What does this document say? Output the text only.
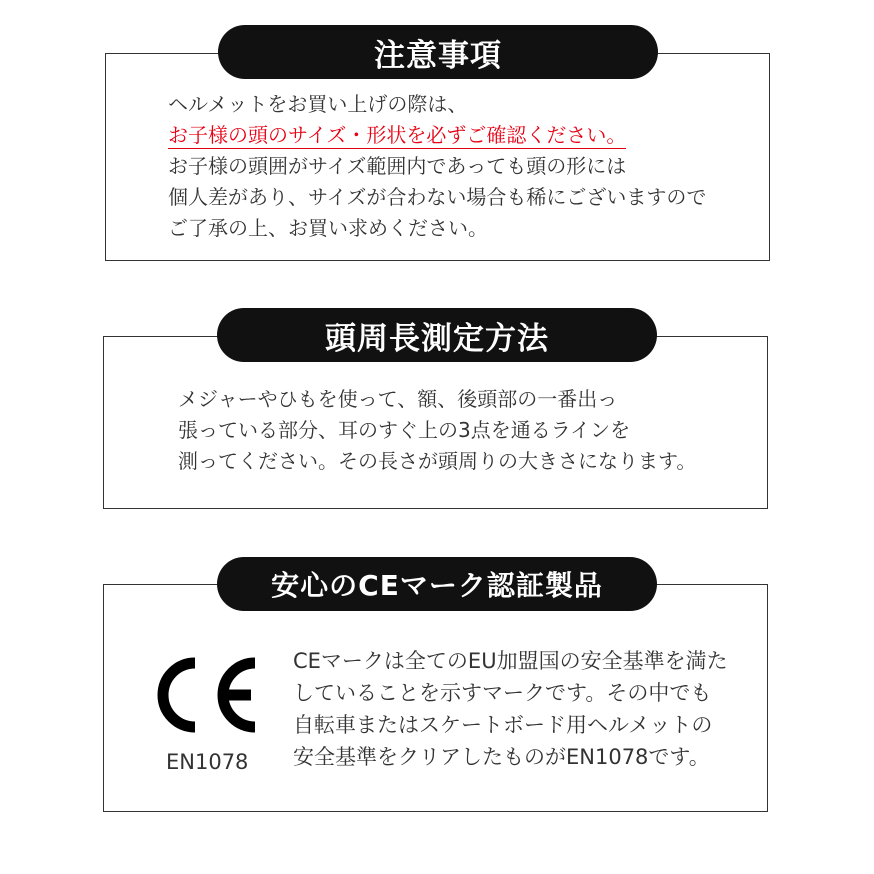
注意事項
ヘルメットをお買い上げの際は、
お子様の頭のサイズ・形状を必ずご確認ください。
お子様の頭囲がサイズ範囲内であっても頭の形には
個人差があり、サイズが合わない場合も稀にございますので
ご了承の上、お買い求めください。
頭周長測定方法
メジャーやひもを使って、額、後頭部の一番出っ
張っている部分、耳のすぐ上の3点を通るラインを
測ってください。その長さが頭周りの大きさになります。
安心のCEマーク認証製品
EN1078
CEマークは全てのEU加盟国の安全基準を満た
していることを示すマークです。その中でも
自転車またはスケートボード用ヘルメットの
安全基準をクリアしたものがEN1078です。
